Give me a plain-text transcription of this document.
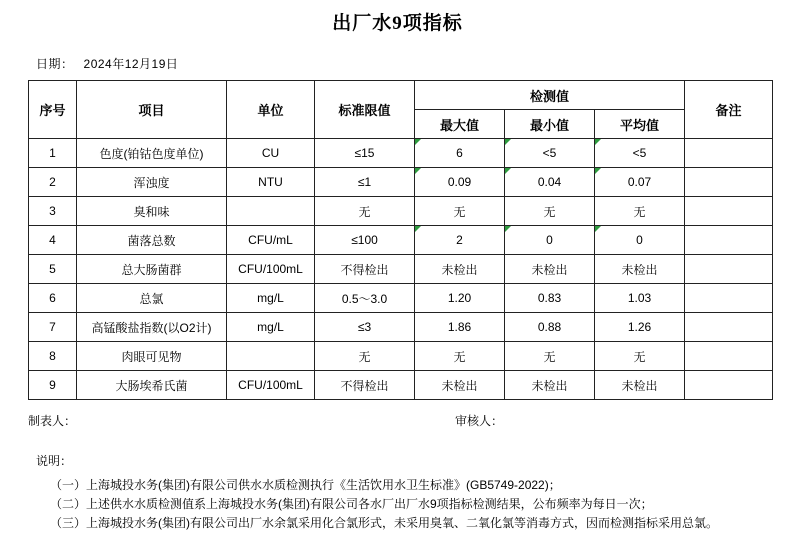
出厂水9项指标
日期： 2024年12月19日
序号	项目	单位	标准限值	检测值			备注
				最大值	最小值	平均值	
1	色度(铂钴色度单位)	CU	≤15	6	<5	<5	
2	浑浊度	NTU	≤1	0.09	0.04	0.07	
3	臭和味		无	无	无	无	
4	菌落总数	CFU/mL	≤100	2	0	0	
5	总大肠菌群	CFU/100mL	不得检出	未检出	未检出	未检出	
6	总氯	mg/L	0.5～3.0	1.20	0.83	1.03	
7	高锰酸盐指数(以O2计)	mg/L	≤3	1.86	0.88	1.26	
8	肉眼可见物		无	无	无	无	
9	大肠埃希氏菌	CFU/100mL	不得检出	未检出	未检出	未检出	
制表人：	审核人：
说明：
（一）上海城投水务(集团)有限公司供水水质检测执行《生活饮用水卫生标准》(GB5749-2022)；
（二）上述供水水质检测值系上海城投水务(集团)有限公司各水厂出厂水9项指标检测结果，公布频率为每日一次；
（三）上海城投水务(集团)有限公司出厂水余氯采用化合氯形式，未采用臭氧、二氧化氯等消毒方式，因而检测指标采用总氯。
